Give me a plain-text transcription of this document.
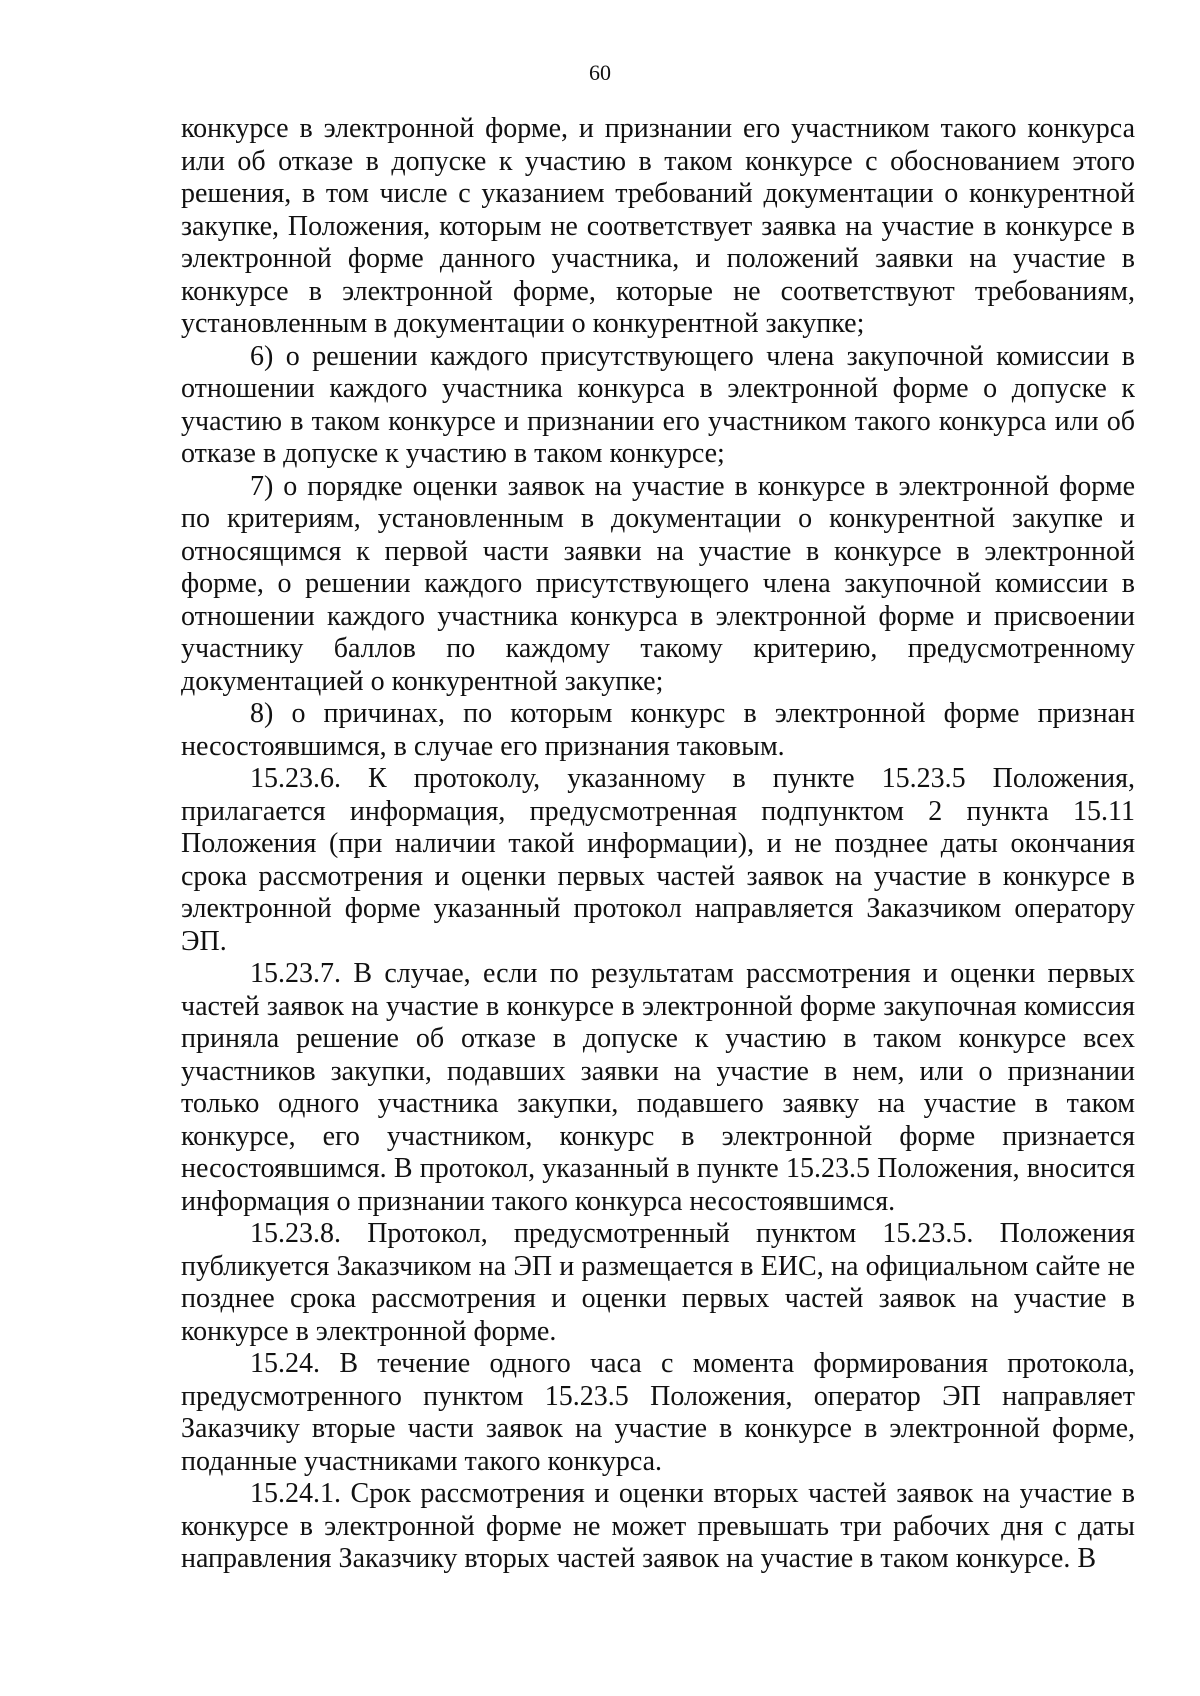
60

конкурсе в электронной форме, и признании его участником такого конкурса или об отказе в допуске к участию в таком конкурсе с обоснованием этого решения, в том числе с указанием требований документации о конкурентной закупке, Положения, которым не соответствует заявка на участие в конкурсе в электронной форме данного участника, и положений заявки на участие в конкурсе в электронной форме, которые не соответствуют требованиям, установленным в документации о конкурентной закупке;

6) о решении каждого присутствующего члена закупочной комиссии в отношении каждого участника конкурса в электронной форме о допуске к участию в таком конкурсе и признании его участником такого конкурса или об отказе в допуске к участию в таком конкурсе;

7) о порядке оценки заявок на участие в конкурсе в электронной форме по критериям, установленным в документации о конкурентной закупке и относящимся к первой части заявки на участие в конкурсе в электронной форме, о решении каждого присутствующего члена закупочной комиссии в отношении каждого участника конкурса в электронной форме и присвоении участнику баллов по каждому такому критерию, предусмотренному документацией о конкурентной закупке;

8) о причинах, по которым конкурс в электронной форме признан несостоявшимся, в случае его признания таковым.

15.23.6. К протоколу, указанному в пункте 15.23.5 Положения, прилагается информация, предусмотренная подпунктом 2 пункта 15.11 Положения (при наличии такой информации), и не позднее даты окончания срока рассмотрения и оценки первых частей заявок на участие в конкурсе в электронной форме указанный протокол направляется Заказчиком оператору ЭП.

15.23.7. В случае, если по результатам рассмотрения и оценки первых частей заявок на участие в конкурсе в электронной форме закупочная комиссия приняла решение об отказе в допуске к участию в таком конкурсе всех участников закупки, подавших заявки на участие в нем, или о признании только одного участника закупки, подавшего заявку на участие в таком конкурсе, его участником, конкурс в электронной форме признается несостоявшимся. В протокол, указанный в пункте 15.23.5 Положения, вносится информация о признании такого конкурса несостоявшимся.

15.23.8. Протокол, предусмотренный пунктом 15.23.5. Положения публикуется Заказчиком на ЭП и размещается в ЕИС, на официальном сайте не позднее срока рассмотрения и оценки первых частей заявок на участие в конкурсе в электронной форме.

15.24. В течение одного часа с момента формирования протокола, предусмотренного пунктом 15.23.5 Положения, оператор ЭП направляет Заказчику вторые части заявок на участие в конкурсе в электронной форме, поданные участниками такого конкурса.

15.24.1. Срок рассмотрения и оценки вторых частей заявок на участие в конкурсе в электронной форме не может превышать три рабочих дня с даты направления Заказчику вторых частей заявок на участие в таком конкурсе. В
